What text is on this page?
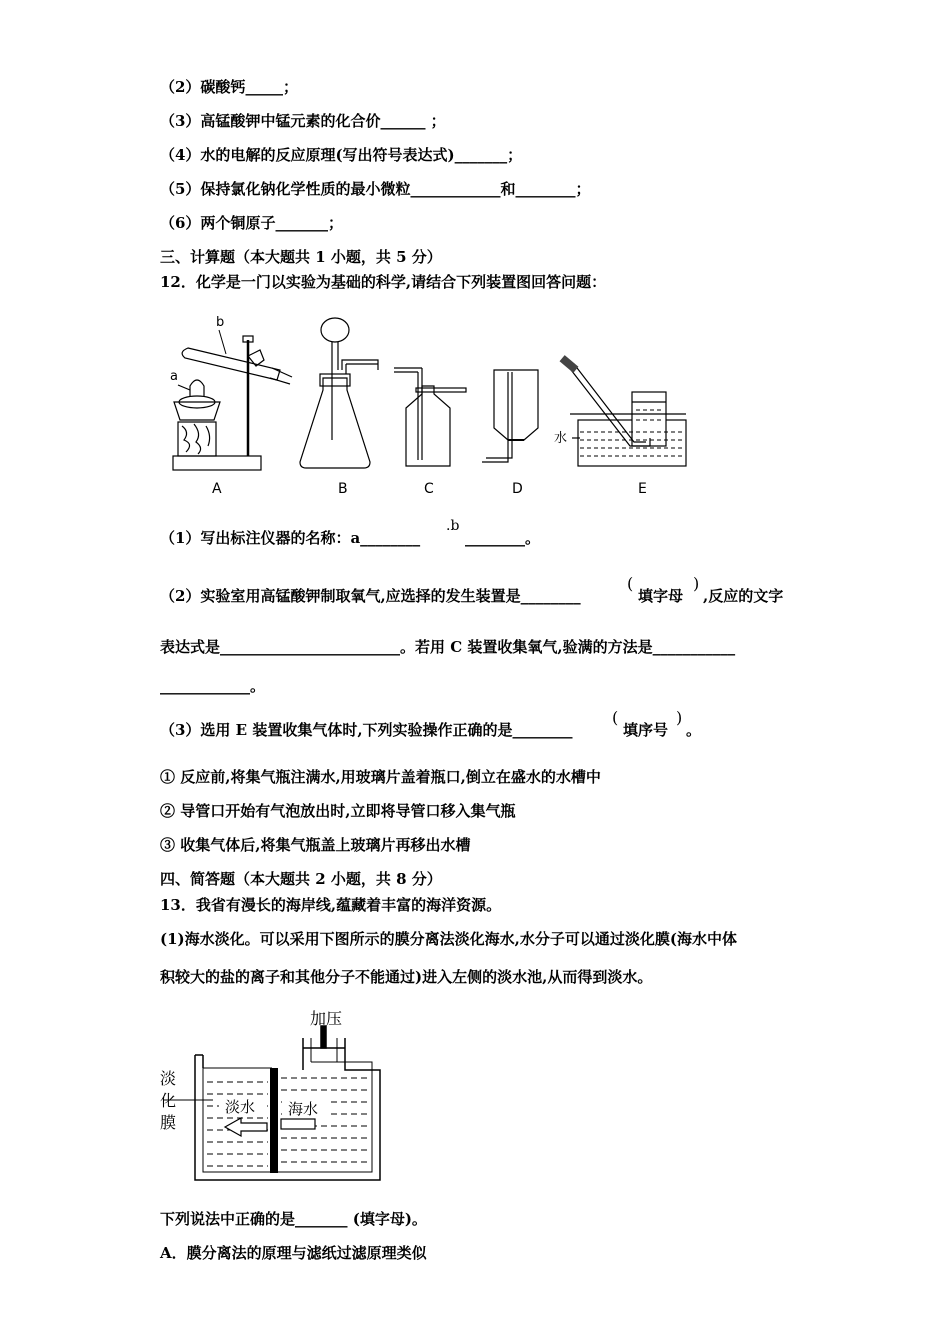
（2）碳酸钙_____；
（3）高锰酸钾中锰元素的化合价______ ；
（4）水的电解的反应原理(写出符号表达式)_______；
（5）保持氯化钠化学性质的最小微粒____________和________；
（6）两个铜原子_______；
三、计算题（本大题共 1 小题，共 5 分）
12．化学是一门以实验为基础的科学,请结合下列装置图回答问题：
a
b
水
A	B	C	D	E
（1）写出标注仪器的名称：a________
.b
________。
（2）实验室用高锰酸钾制取氧气,应选择的发生装置是________
(
填字母
)
,反应的文字
表达式是________________________。若用 C 装置收集氧气,验满的方法是___________
____________。
（3）选用 E 装置收集气体时,下列实验操作正确的是________
(
填序号
)
。
① 反应前,将集气瓶注满水,用玻璃片盖着瓶口,倒立在盛水的水槽中
② 导管口开始有气泡放出时,立即将导管口移入集气瓶
③ 收集气体后,将集气瓶盖上玻璃片再移出水槽
四、简答题（本大题共 2 小题，共 8 分）
13．我省有漫长的海岸线,蕴藏着丰富的海洋资源。
(1)海水淡化。可以采用下图所示的膜分离法淡化海水,水分子可以通过淡化膜(海水中体
积较大的盐的离子和其他分子不能通过)进入左侧的淡水池,从而得到淡水。
加压
淡
化
膜
淡水 海水
下列说法中正确的是_______ (填字母)。
A．膜分离法的原理与滤纸过滤原理类似
